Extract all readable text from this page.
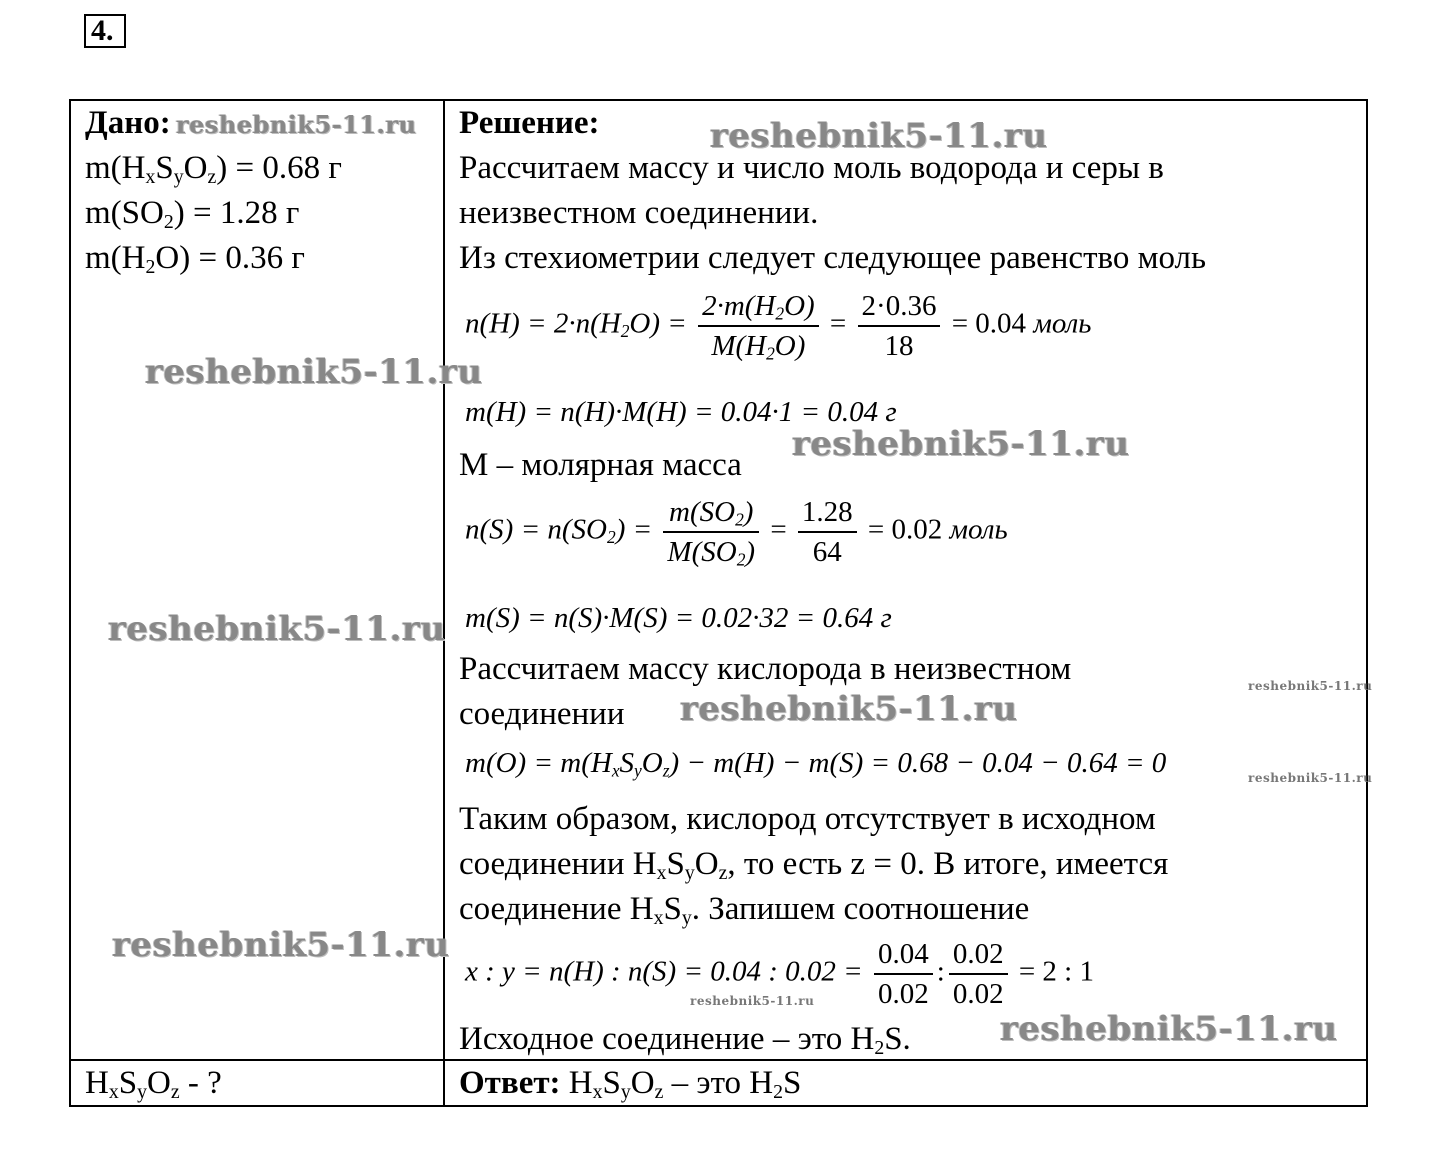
4.
Дано:
$m(H_xS_yO_z) = 0.68$ г
$m(SO_2) = 1.28$ г
$m(H_2O) = 0.36$ г
$H_xS_yO_z$ - ?
Решение:
Рассчитаем массу и число моль водорода и серы в
неизвестном соединении.
Из стехиометрии следует следующее равенство моль
$n(H) = 2\cdot n(H_2O) = \frac{2\cdot m(H_2O)}{M(H_2O)} = \frac{2\cdot 0.36}{18} = 0.04$ моль
m(H) = n(H)·M(H) = 0.04·1 = 0.04 г
М – молярная масса
$n(S) = n(SO_2) = \frac{m(SO_2)}{M(SO_2)} = \frac{1.28}{64} = 0.02$ моль
m(S) = n(S)·M(S) = 0.02·32 = 0.64 г
Рассчитаем массу кислорода в неизвестном
соединении
$m(O) = m(H_xS_yO_z) - m(H) - m(S) = 0.68 - 0.04 - 0.64 = 0$
Таким образом, кислород отсутствует в исходном
соединении $H_xS_yO_z$, то есть z = 0. В итоге, имеется
соединение $H_xS_y$. Запишем соотношение
x : y = n(H) : n(S) = 0.04 : $0.02 = \frac{0.04}{0.02}$ : $\frac{0.02}{0.02} = 2$ : 1
Исходное соединение – это $H_2S$.
Ответ: $H_xS_yO_z$ – это $H_2S$
reshebnik5-11.ru	reshebnik5-11.ru
reshebnik5-11.ru
reshebnik5-11.ru
reshebnik5-11.ru
reshebnik5-11.ru
reshebnik5-11.ru
reshebnik5-11.ru
reshebnik5-11.ru
reshebnik5-11.ru
reshebnik5-11.ru
